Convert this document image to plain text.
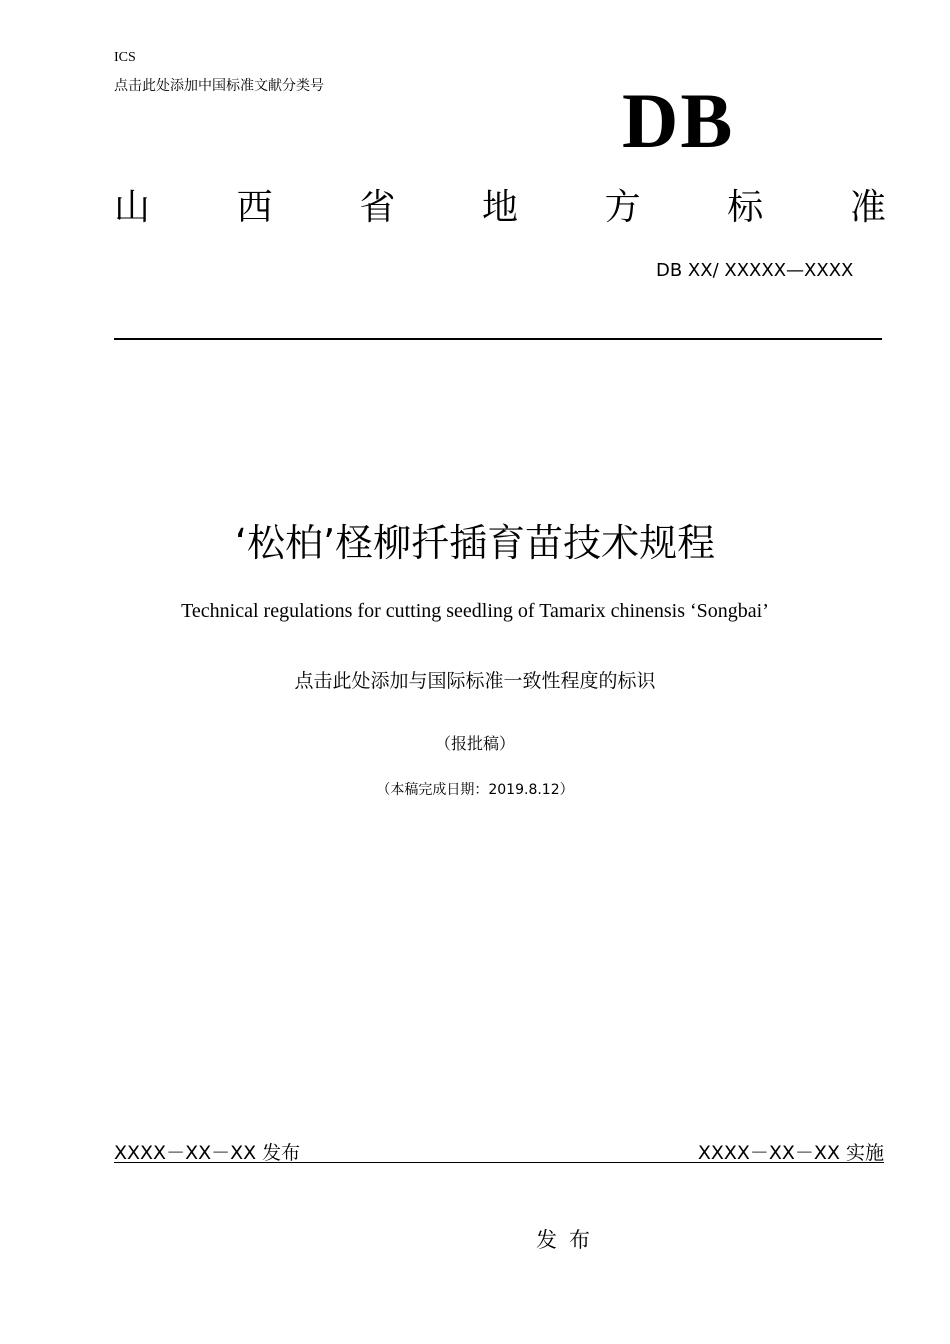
ICS
点击此处添加中国标准文献分类号	DB
山 西 省 地 方 标 准
DB XX/ XXXXX—XXXX
‘松柏’柽柳扦插育苗技术规程
Technical regulations for cutting seedling of Tamarix chinensis ‘Songbai’
点击此处添加与国际标准一致性程度的标识
（报批稿）
（本稿完成日期：2019.8.12）
XXXX－XX－XX 发布	XXXX－XX－XX 实施
发布
